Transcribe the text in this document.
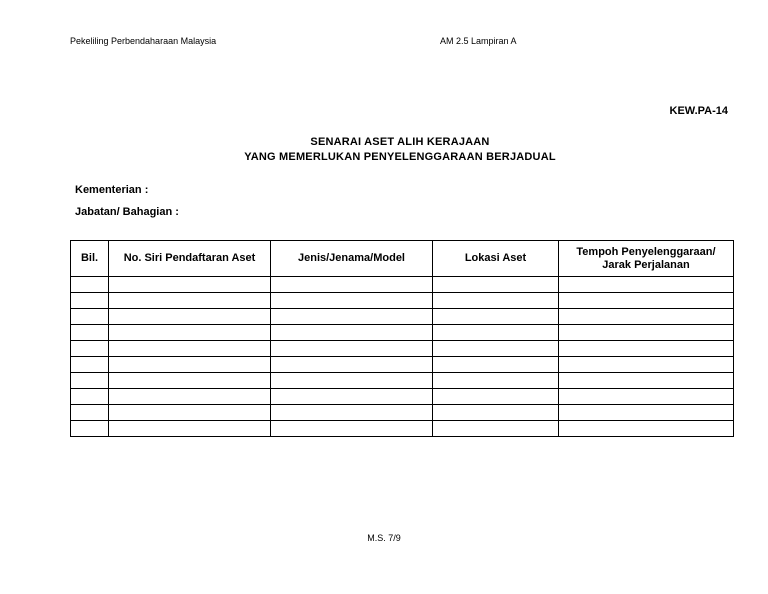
Pekeliling Perbendaharaan Malaysia	AM 2.5 Lampiran A
KEW.PA-14
SENARAI ASET ALIH KERAJAAN
YANG MEMERLUKAN PENYELENGGARAAN BERJADUAL
Kementerian :
Jabatan/ Bahagian :
Bil.	No. Siri Pendaftaran Aset	Jenis/Jenama/Model	Lokasi Aset	Tempoh Penyelenggaraan/
Jarak Perjalanan

M.S. 7/9
